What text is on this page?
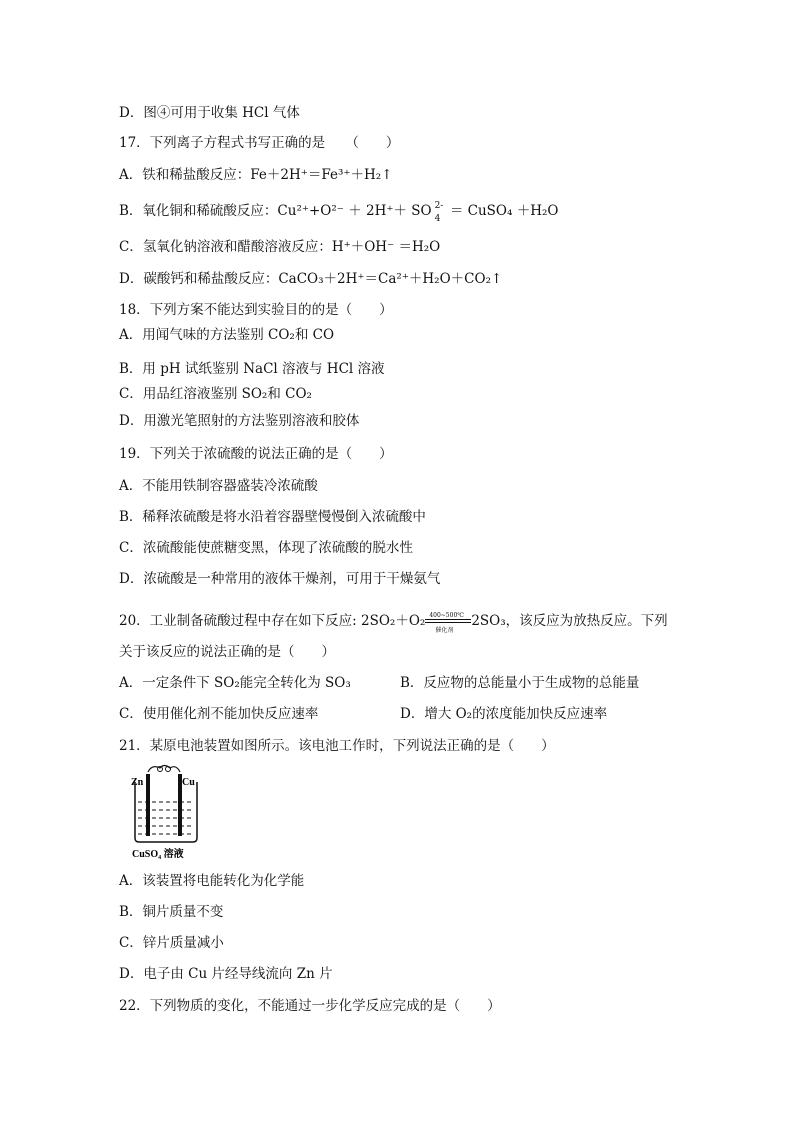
D．图④可用于收集 HCl 气体
17．下列离子方程式书写正确的是　　（　　）
A．铁和稀盐酸反应：Fe＋2H⁺＝Fe³⁺＋H₂↑
B．氧化铜和稀硫酸反应：Cu²⁺+O²⁻ ＋ 2H⁺＋ SO 2-
4 ＝ CuSO₄ ＋H₂O
C．氢氧化钠溶液和醋酸溶液反应：H⁺＋OH⁻ ＝H₂O
D．碳酸钙和稀盐酸反应：CaCO₃＋2H⁺＝Ca²⁺＋H₂O＋CO₂↑
18．下列方案不能达到实验目的的是（　　）
A．用闻气味的方法鉴别 CO₂和 CO
B．用 pH 试纸鉴别 NaCl 溶液与 HCl 溶液
C．用品红溶液鉴别 SO₂和 CO₂
D．用激光笔照射的方法鉴别溶液和胶体
19．下列关于浓硫酸的说法正确的是（　　）
A．不能用铁制容器盛装冷浓硫酸
B．稀释浓硫酸是将水沿着容器壁慢慢倒入浓硫酸中
C．浓硫酸能使蔗糖变黑，体现了浓硫酸的脱水性
D．浓硫酸是一种常用的液体干燥剂，可用于干燥氨气
20．工业制备硫酸过程中存在如下反应: 2SO₂＋O₂ 400~500℃
催化剂
2SO₃，该反应为放热反应。下列
关于该反应的说法正确的是（　　）
A．一定条件下 SO₂能完全转化为 SO₃	B．反应物的总能量小于生成物的总能量
C．使用催化剂不能加快反应速率	D．增大 O₂的浓度能加快反应速率
21．某原电池装置如图所示。该电池工作时，下列说法正确的是（　　）
Zn	Cu
CuSO₄ 溶液
A．该装置将电能转化为化学能
B．铜片质量不变
C．锌片质量减小
D．电子由 Cu 片经导线流向 Zn 片
22．下列物质的变化，不能通过一步化学反应完成的是（　　）
